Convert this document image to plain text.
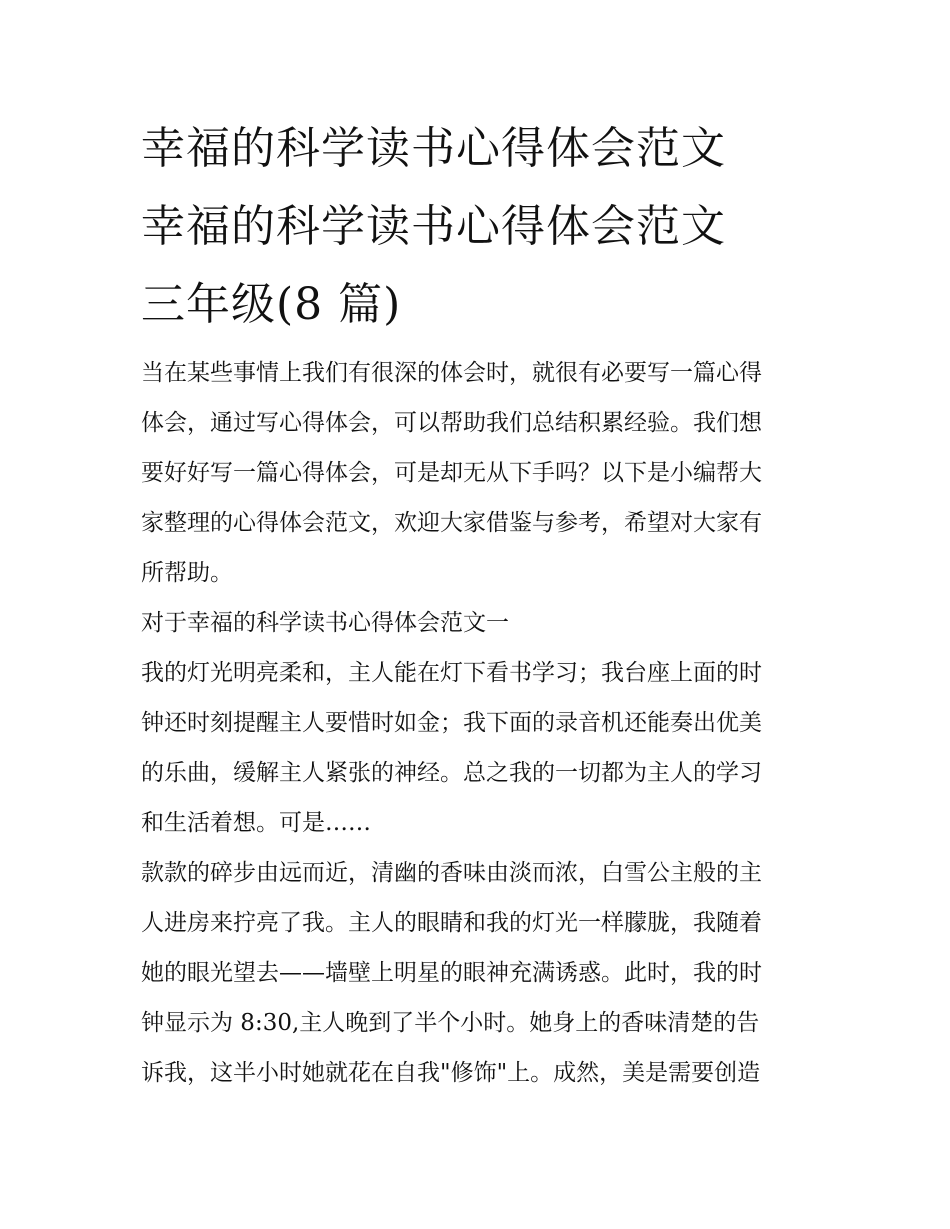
幸福的科学读书心得体会范文
幸福的科学读书心得体会范文
三年级(8 篇)

当在某些事情上我们有很深的体会时，就很有必要写一篇心得

体会，通过写心得体会，可以帮助我们总结积累经验。我们想

要好好写一篇心得体会，可是却无从下手吗？以下是小编帮大

家整理的心得体会范文，欢迎大家借鉴与参考，希望对大家有

所帮助。

对于幸福的科学读书心得体会范文一

我的灯光明亮柔和，主人能在灯下看书学习；我台座上面的时

钟还时刻提醒主人要惜时如金；我下面的录音机还能奏出优美

的乐曲，缓解主人紧张的神经。总之我的一切都为主人的学习

和生活着想。可是……

款款的碎步由远而近，清幽的香味由淡而浓，白雪公主般的主

人进房来拧亮了我。主人的眼睛和我的灯光一样朦胧，我随着

她的眼光望去——墙壁上明星的眼神充满诱惑。此时，我的时

钟显示为 8:30,主人晚到了半个小时。她身上的香味清楚的告

诉我，这半小时她就花在自我"修饰"上。成然，美是需要创造
